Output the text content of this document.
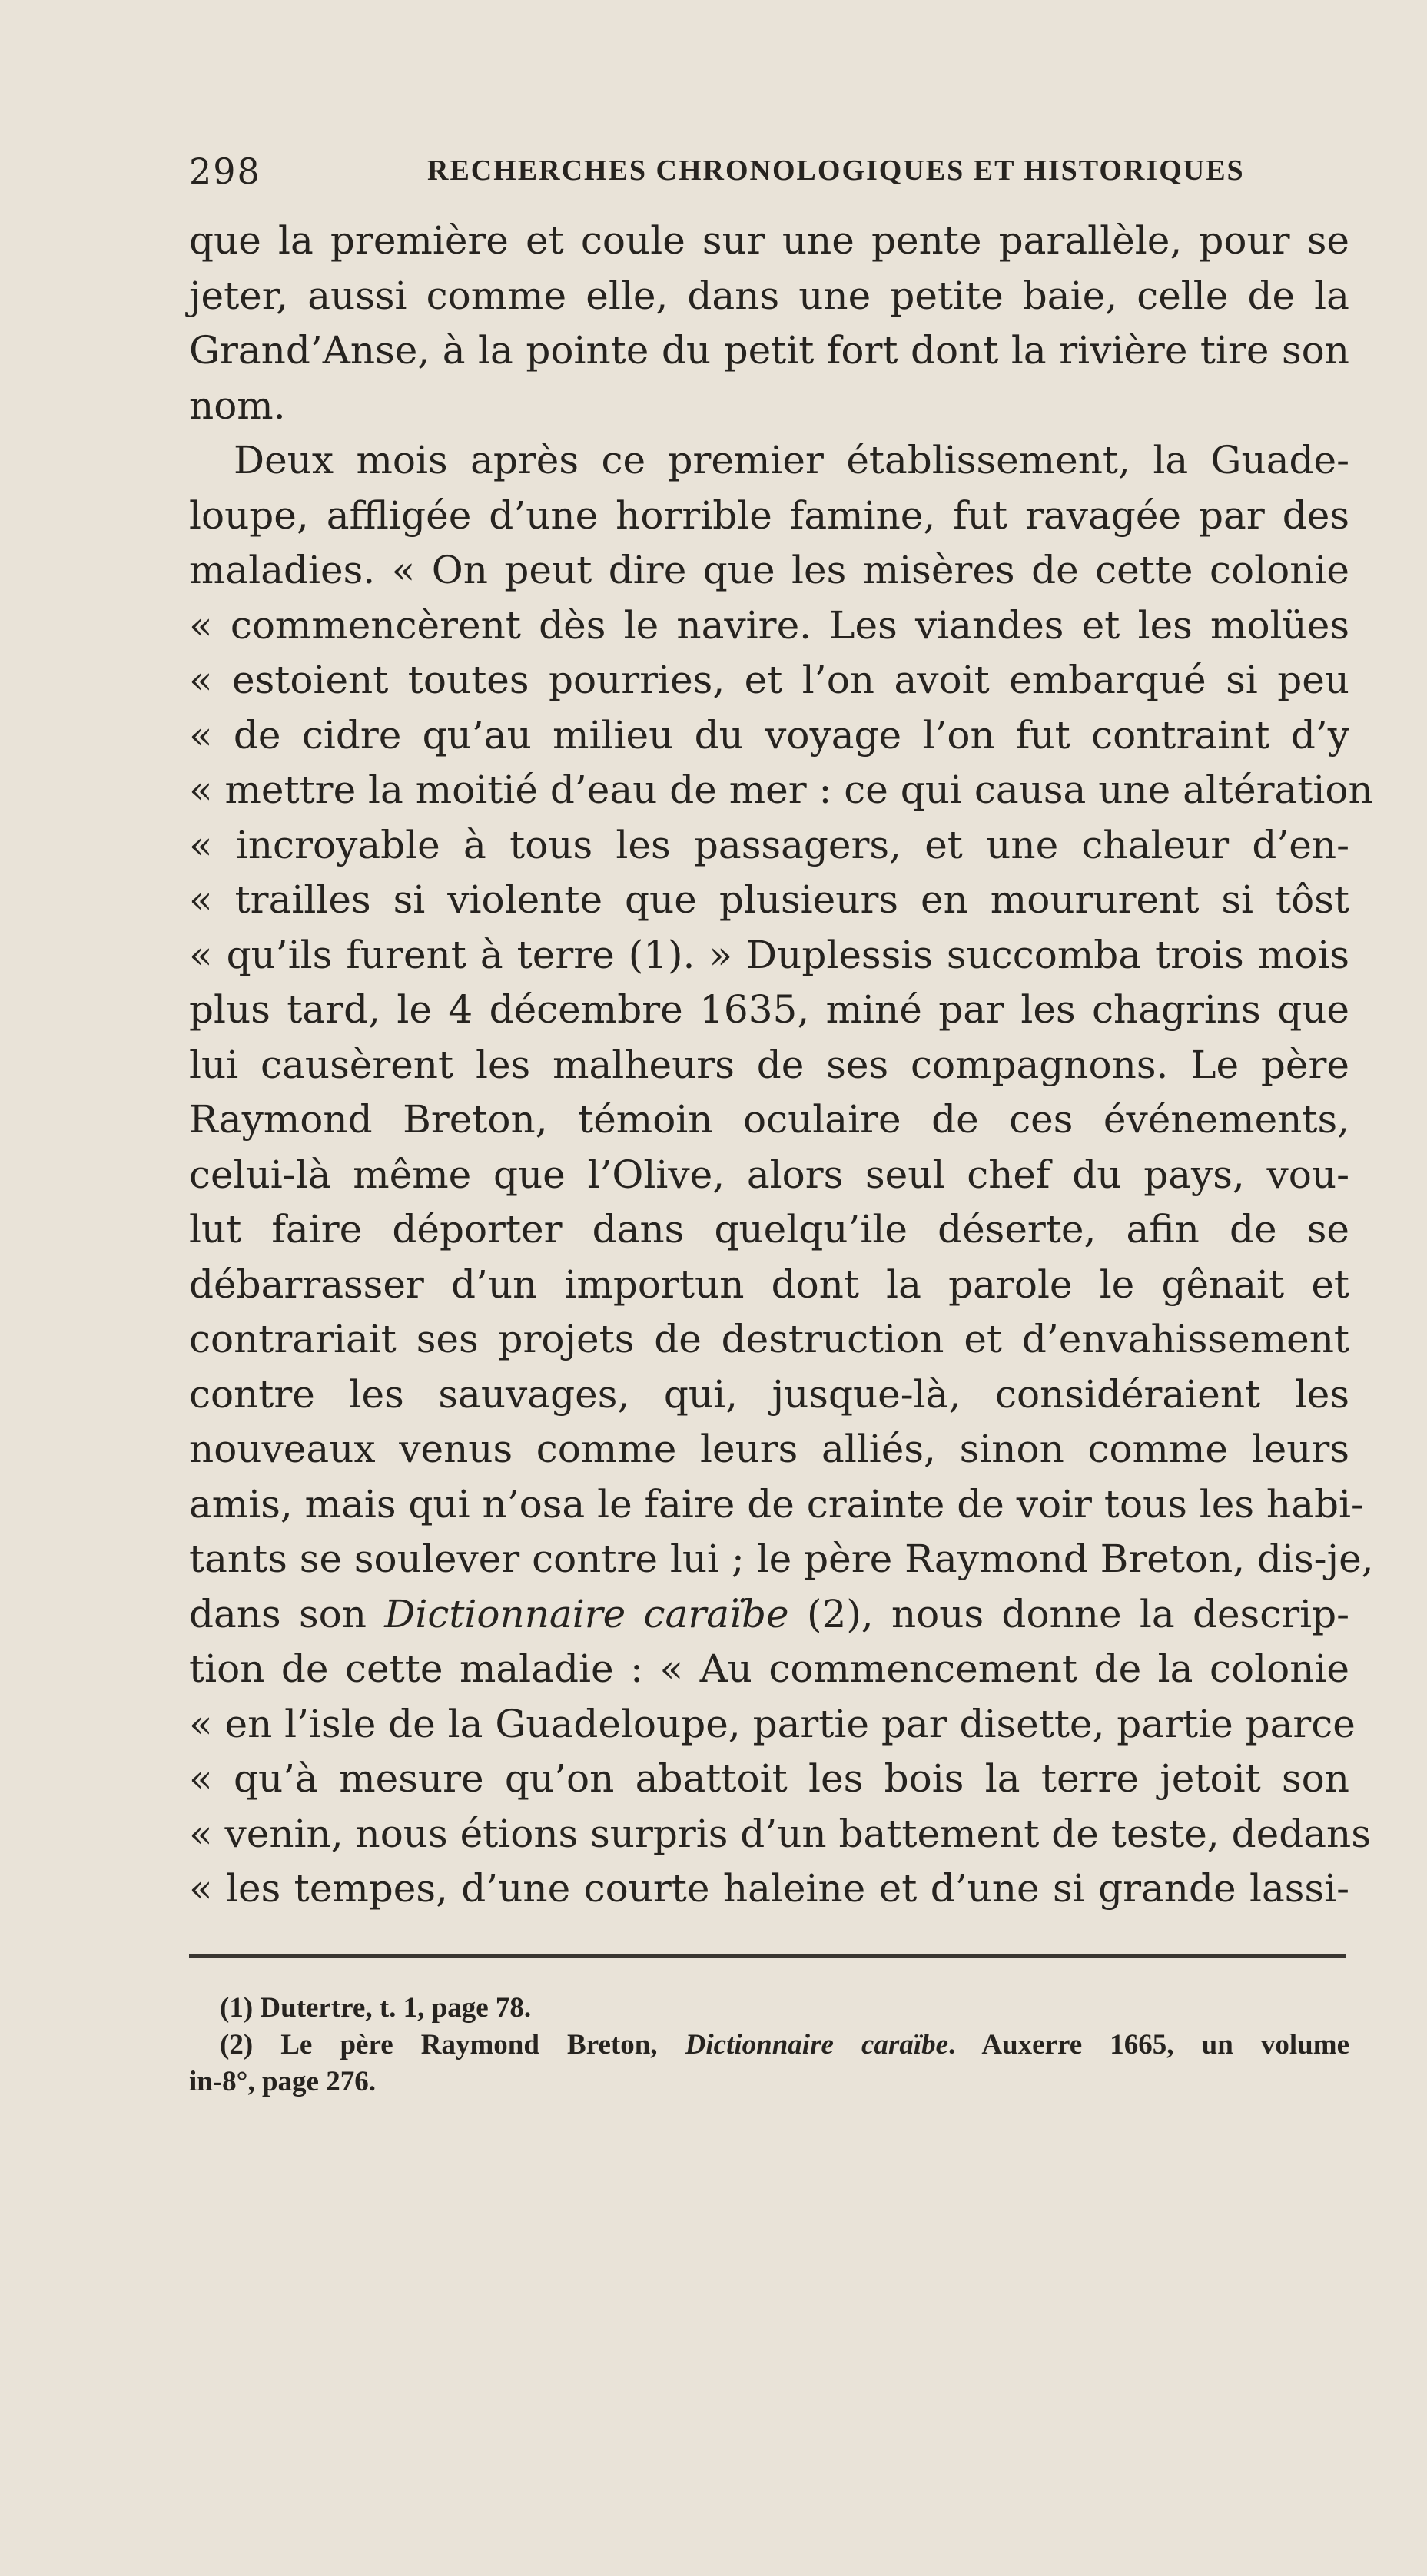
298	RECHERCHES CHRONOLOGIQUES ET HISTORIQUES
que la première et coule sur une pente parallèle, pour se
jeter, aussi comme elle, dans une petite baie, celle de la
Grand’Anse, à la pointe du petit fort dont la rivière tire son
nom.
Deux mois après ce premier établissement, la Guade-
loupe, affligée d’une horrible famine, fut ravagée par des
maladies. « On peut dire que les misères de cette colonie
« commencèrent dès le navire. Les viandes et les molües
« estoient toutes pourries, et l’on avoit embarqué si peu
« de cidre qu’au milieu du voyage l’on fut contraint d’y
« mettre la moitié d’eau de mer : ce qui causa une altération
« incroyable à tous les passagers, et une chaleur d’en-
« trailles si violente que plusieurs en moururent si tôst
« qu’ils furent à terre (1). » Duplessis succomba trois mois
plus tard, le 4 décembre 1635, miné par les chagrins que
lui causèrent les malheurs de ses compagnons. Le père
Raymond Breton, témoin oculaire de ces événements,
celui-là même que l’Olive, alors seul chef du pays, vou-
lut faire déporter dans quelqu’ile déserte, afin de se
débarrasser d’un importun dont la parole le gênait et
contrariait ses projets de destruction et d’envahissement
contre les sauvages, qui, jusque-là, considéraient les
nouveaux venus comme leurs alliés, sinon comme leurs
amis, mais qui n’osa le faire de crainte de voir tous les habi-
tants se soulever contre lui ; le père Raymond Breton, dis-je,
dans son Dictionnaire caraïbe (2), nous donne la descrip-
tion de cette maladie : « Au commencement de la colonie
« en l’isle de la Guadeloupe, partie par disette, partie parce
« qu’à mesure qu’on abattoit les bois la terre jetoit son
« venin, nous étions surpris d’un battement de teste, dedans
« les tempes, d’une courte haleine et d’une si grande lassi-
(1) Dutertre, t. 1, page 78.
(2) Le père Raymond Breton, Dictionnaire caraïbe. Auxerre 1665, un volume
in-8°, page 276.
